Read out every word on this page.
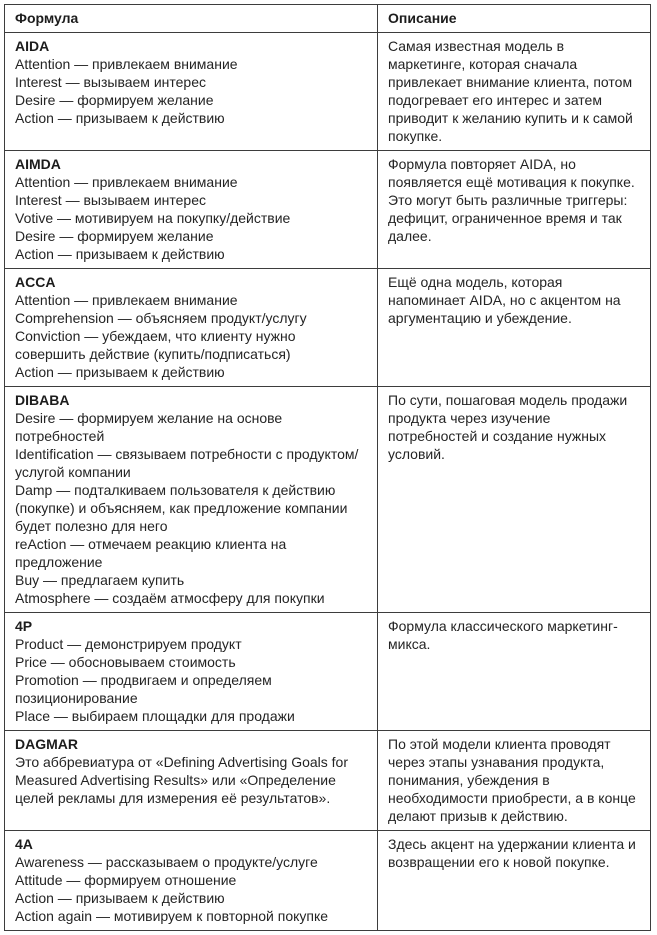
Формула	Описание

AIDA
Attention — привлекаем внимание
Interest — вызываем интерес
Desire — формируем желание
Action — призываем к действию	Самая известная модель в маркетинге, которая сначала привлекает внимание клиента, потом подогревает его интерес и затем приводит к желанию купить и к самой покупке.

AIMDA
Attention — привлекаем внимание
Interest — вызываем интерес
Votive — мотивируем на покупку/действие
Desire — формируем желание
Action — призываем к действию
	Формула повторяет AIDA, но появляется ещё мотивация к покупке. Это могут быть различные триггеры: дефицит, ограниченное время и так далее.

ACCA
Attention — привлекаем внимание
Comprehension — объясняем продукт/услугу
Conviction — убеждаем, что клиенту нужно совершить действие (купить/подписаться)
Action — призываем к действию	Ещё одна модель, которая напоминает AIDA, но с акцентом на аргументацию и убеждение.

DIBABA
Desire — формируем желание на основе потребностей
Identification — связываем потребности с продуктом/услугой компании
Damp — подталкиваем пользователя к действию (покупке) и объясняем, как предложение компании будет полезно для него
reAction — отмечаем реакцию клиента на предложение
Buy — предлагаем купить
Atmosphere — создаём атмосферу для покупки
	По сути, пошаговая модель продажи продукта через изучение потребностей и создание нужных условий.

4P
Product — демонстрируем продукт
Price — обосновываем стоимость
Promotion — продвигаем и определяем позиционирование
Place — выбираем площадки для продажи	Формула классического маркетинг-микса.

DAGMAR
Это аббревиатура от «Defining Advertising Goals for Measured Advertising Results» или «Определение целей рекламы для измерения её результатов».	По этой модели клиента проводят через этапы узнавания продукта, понимания, убеждения в необходимости приобрести, а в конце делают призыв к действию.

4A
Awareness — рассказываем о продукте/услуге
Attitude — формируем отношение
Action — призываем к действию
Action again — мотивируем к повторной покупке	Здесь акцент на удержании клиента и возвращении его к новой покупке.
